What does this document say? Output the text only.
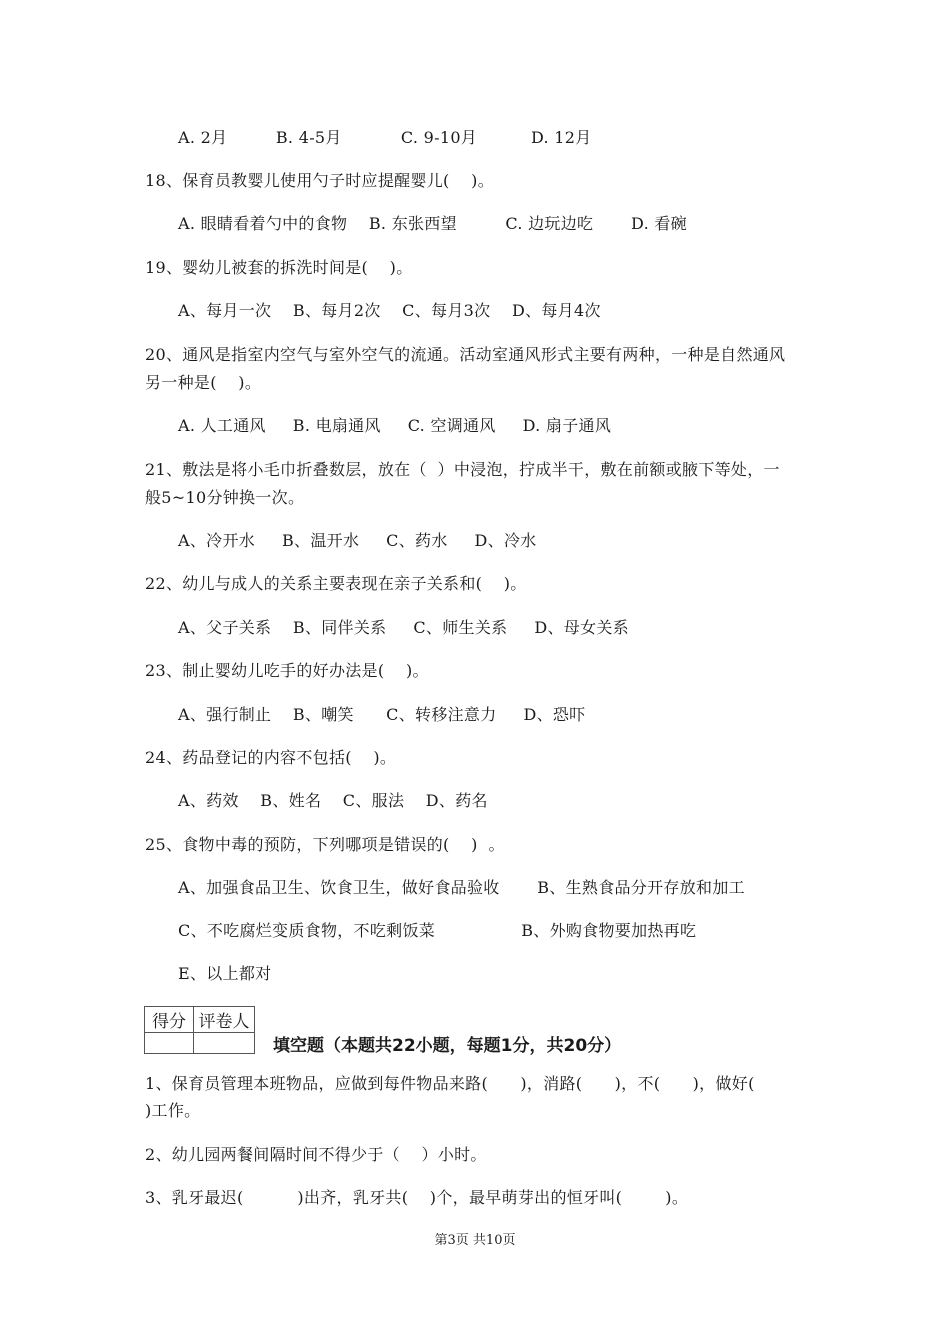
A. 2月         B. 4-5月           C. 9-10月          D. 12月
18、保育员教婴儿使用勺子时应提醒婴儿(    )。
A. 眼睛看着勺中的食物    B. 东张西望         C. 边玩边吃       D. 看碗
19、婴幼儿被套的拆洗时间是(    )。
A、每月一次    B、每月2次    C、每月3次    D、每月4次
20、通风是指室内空气与室外空气的流通。活动室通风形式主要有两种，一种是自然通风
另一种是(    )。
A. 人工通风     B. 电扇通风     C. 空调通风     D. 扇子通风
21、敷法是将小毛巾折叠数层，放在（  ）中浸泡，拧成半干，敷在前额或腋下等处，一
般5~10分钟换一次。
A、冷开水     B、温开水     C、药水     D、冷水
22、幼儿与成人的关系主要表现在亲子关系和(    )。
A、父子关系    B、同伴关系     C、师生关系     D、母女关系
23、制止婴幼儿吃手的好办法是(    )。
A、强行制止    B、嘲笑      C、转移注意力     D、恐吓
24、药品登记的内容不包括(    )。
A、药效    B、姓名    C、服法    D、药名
25、食物中毒的预防，下列哪项是错误的(    )  。
A、加强食品卫生、饮食卫生，做好食品验收       B、生熟食品分开存放和加工
C、不吃腐烂变质食物，不吃剩饭菜                B、外购食物要加热再吃
E、以上都对
得分	评卷人

填空题（本题共22小题，每题1分，共20分）
1、保育员管理本班物品，应做到每件物品来路(      )，消路(      )，不(      )，做好(
)工作。
2、幼儿园两餐间隔时间不得少于（    ）小时。
3、乳牙最迟(          )出齐，乳牙共(    )个，最早萌芽出的恒牙叫(        )。
第3页 共10页
